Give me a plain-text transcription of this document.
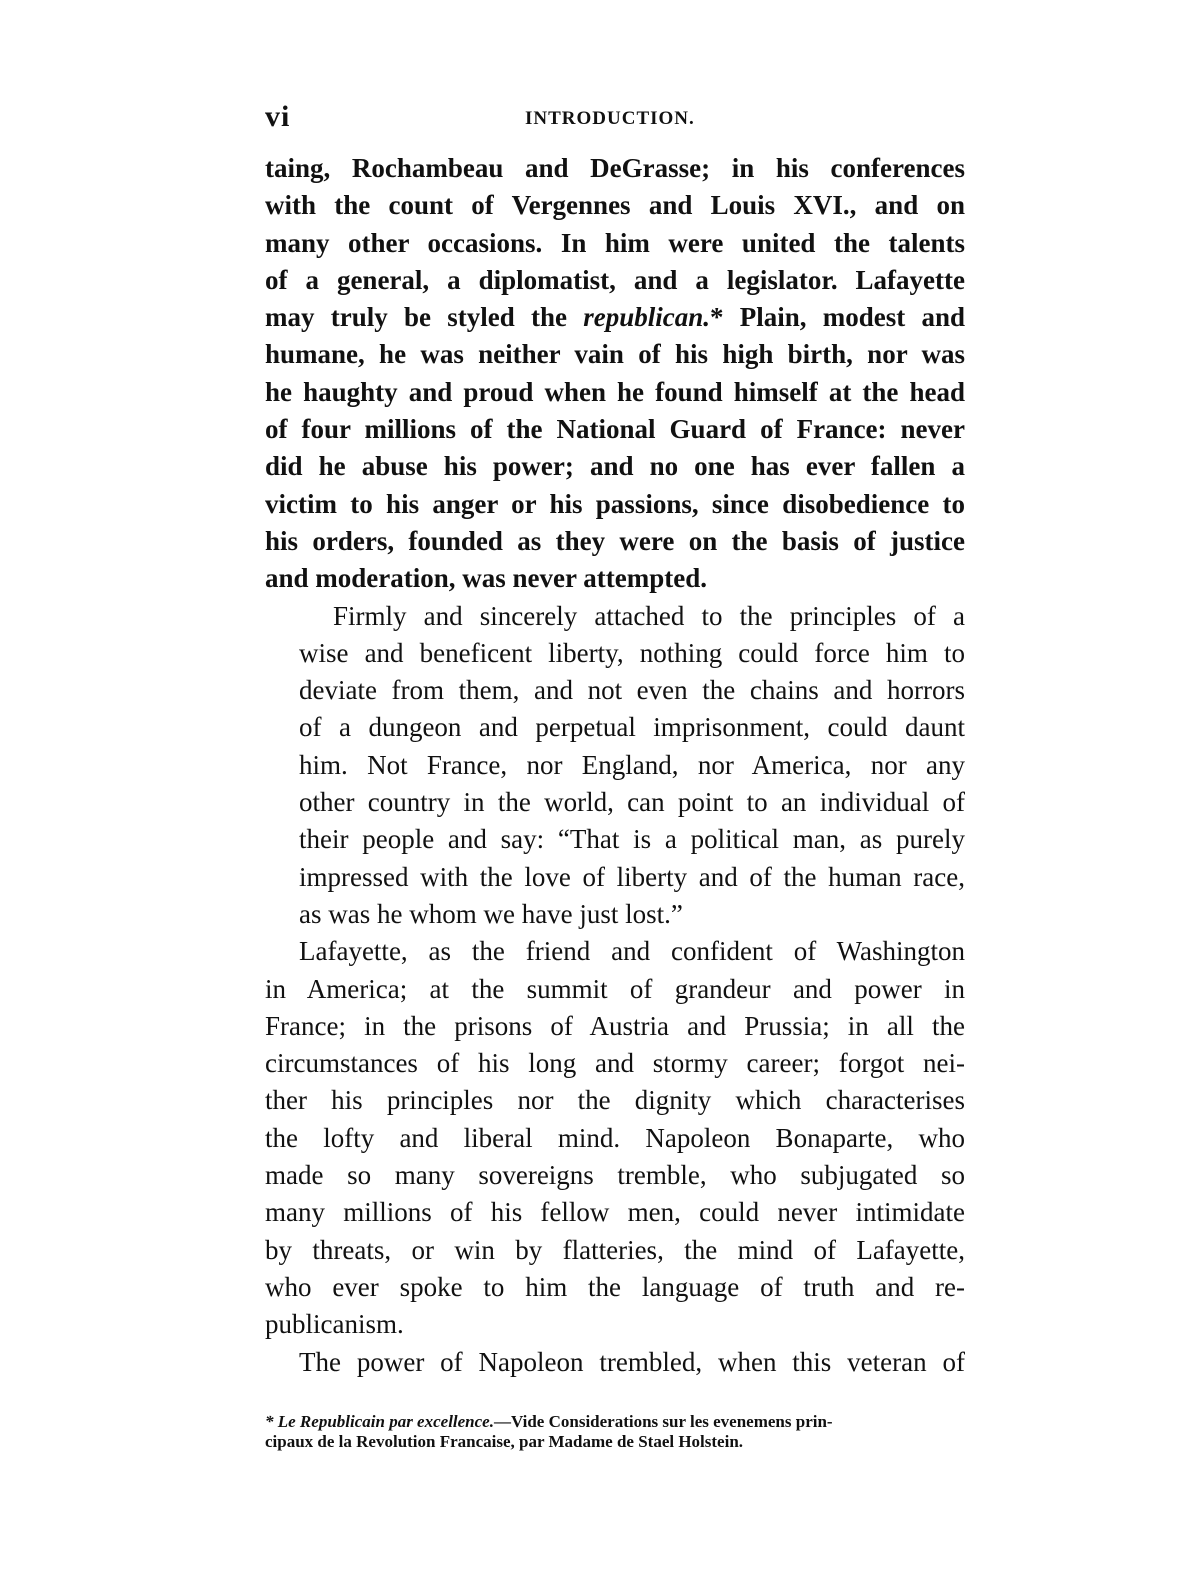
vi	INTRODUCTION.

taing, Rochambeau and DeGrasse; in his conferences
with the count of Vergennes and Louis XVI., and on
many other occasions. In him were united the talents
of a general, a diplomatist, and a legislator. Lafayette
may truly be styled the republican.* Plain, modest and
humane, he was neither vain of his high birth, nor was
he haughty and proud when he found himself at the head
of four millions of the National Guard of France: never
did he abuse his power; and no one has ever fallen a
victim to his anger or his passions, since disobedience to
his orders, founded as they were on the basis of justice
and moderation, was never attempted.

Firmly and sincerely attached to the principles of a
wise and beneficent liberty, nothing could force him to
deviate from them, and not even the chains and horrors
of a dungeon and perpetual imprisonment, could daunt
him. Not France, nor England, nor America, nor any
other country in the world, can point to an individual of
their people and say: “That is a political man, as purely
impressed with the love of liberty and of the human race,
as was he whom we have just lost.”

Lafayette, as the friend and confident of Washington
in America; at the summit of grandeur and power in
France; in the prisons of Austria and Prussia; in all the
circumstances of his long and stormy career; forgot nei-
ther his principles nor the dignity which characterises
the lofty and liberal mind. Napoleon Bonaparte, who
made so many sovereigns tremble, who subjugated so
many millions of his fellow men, could never intimidate
by threats, or win by flatteries, the mind of Lafayette,
who ever spoke to him the language of truth and re-
publicanism.

The power of Napoleon trembled, when this veteran of

* Le Republicain par excellence.—Vide Considerations sur les evenemens prin-
cipaux de la Revolution Francaise, par Madame de Stael Holstein.
